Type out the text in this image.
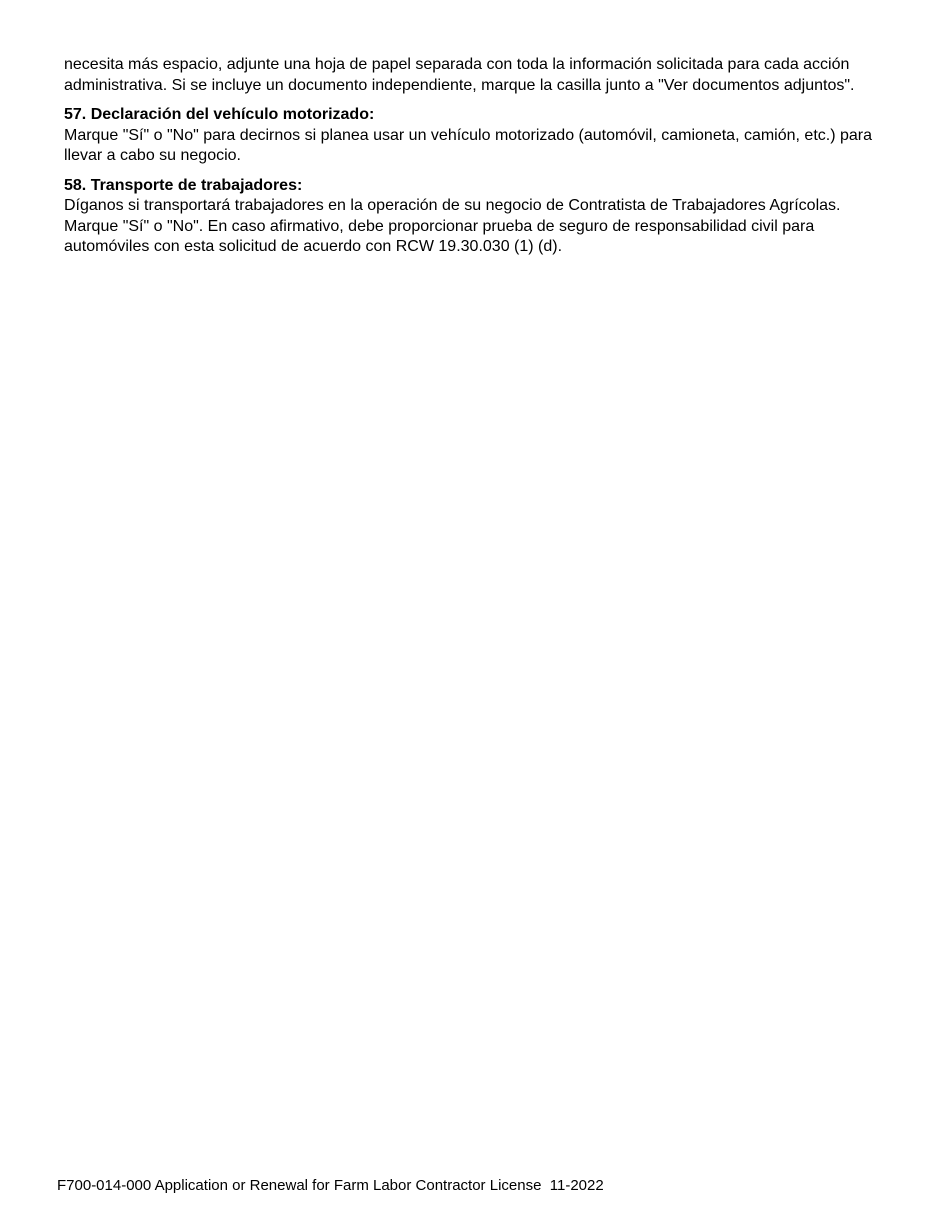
necesita más espacio, adjunte una hoja de papel separada con toda la información solicitada para cada acción administrativa. Si se incluye un documento independiente, marque la casilla junto a "Ver documentos adjuntos".

57. Declaración del vehículo motorizado:

Marque "Sí" o "No" para decirnos si planea usar un vehículo motorizado (automóvil, camioneta, camión, etc.) para llevar a cabo su negocio.

58. Transporte de trabajadores:

Díganos si transportará trabajadores en la operación de su negocio de Contratista de Trabajadores Agrícolas. Marque "Sí" o "No". En caso afirmativo, debe proporcionar prueba de seguro de responsabilidad civil para automóviles con esta solicitud de acuerdo con RCW 19.30.030 (1) (d).

F700-014-000 Application or Renewal for Farm Labor Contractor License  11-2022
